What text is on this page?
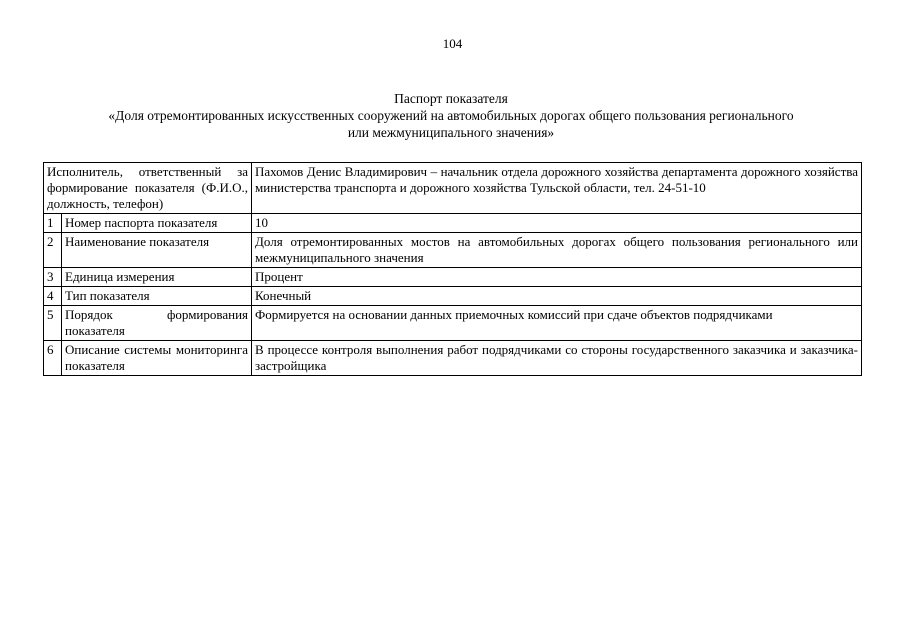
104
Паспорт показателя
«Доля отремонтированных искусственных сооружений на автомобильных дорогах общего пользования регионального
или межмуниципального значения»
Исполнитель, ответственный за формирование показателя (Ф.И.О., должность, телефон)		Пахомов Денис Владимирович – начальник отдела дорожного хозяйства департамента дорожного хозяйства министерства транспорта и дорожного хозяйства Тульской области, тел. 24-51-10
1	Номер паспорта показателя	10
2	Наименование показателя	Доля отремонтированных мостов на автомобильных дорогах общего пользования регионального или межмуниципального значения
3	Единица измерения	Процент
4	Тип показателя	Конечный
5	Порядок формирования показателя	Формируется на основании данных приемочных комиссий при сдаче объектов подрядчиками
6	Описание системы мониторинга показателя	В процессе контроля выполнения работ подрядчиками со стороны государственного заказчика и заказчика-застройщика
